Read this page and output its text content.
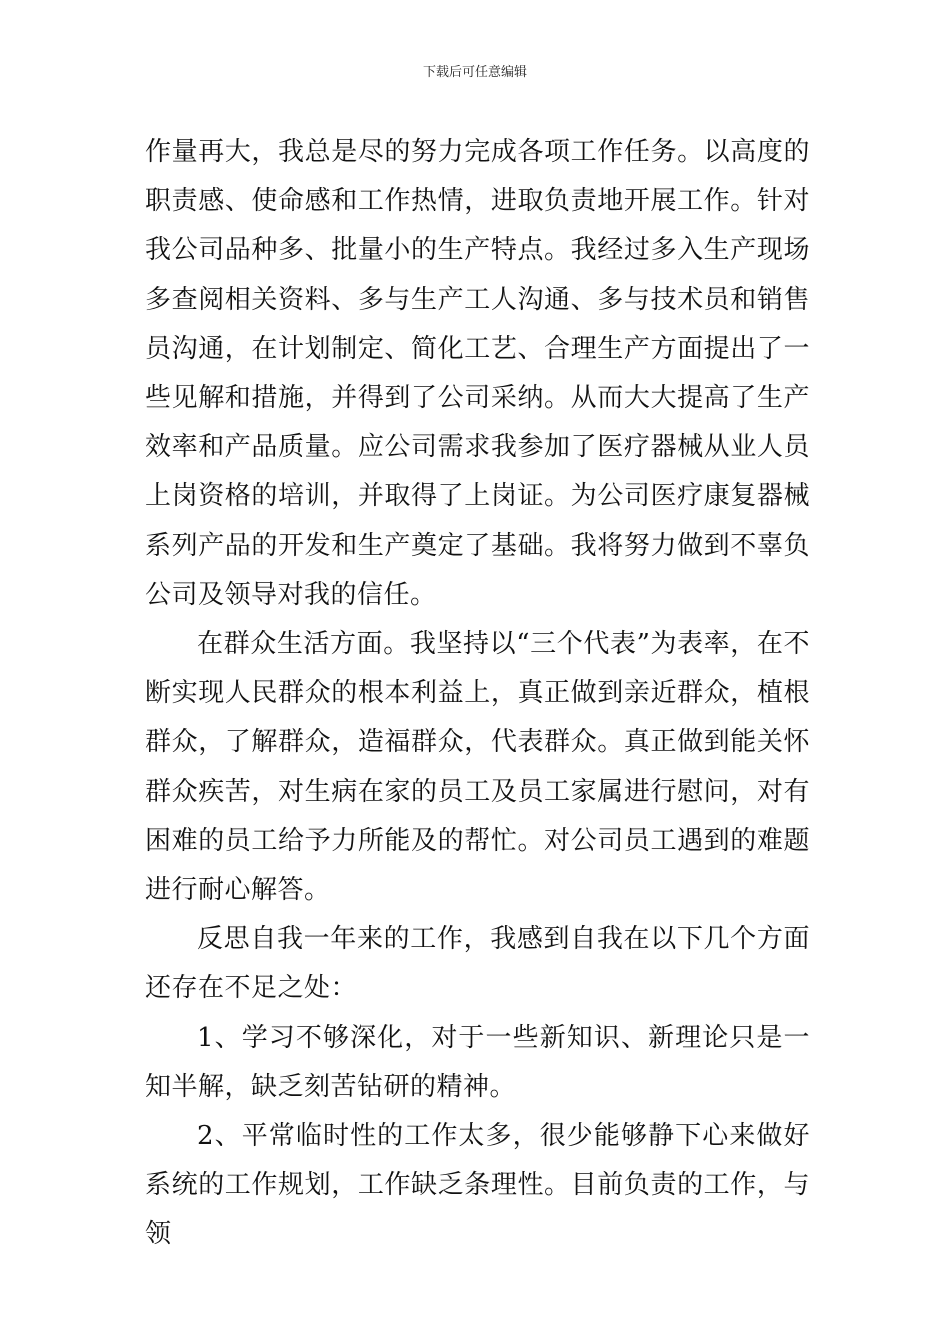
下载后可任意编辑

作量再大，我总是尽的努力完成各项工作任务。以高度的职责感、使命感和工作热情，进取负责地开展工作。针对我公司品种多、批量小的生产特点。我经过多入生产现场多查阅相关资料、多与生产工人沟通、多与技术员和销售员沟通，在计划制定、简化工艺、合理生产方面提出了一些见解和措施，并得到了公司采纳。从而大大提高了生产效率和产品质量。应公司需求我参加了医疗器械从业人员上岗资格的培训，并取得了上岗证。为公司医疗康复器械系列产品的开发和生产奠定了基础。我将努力做到不辜负公司及领导对我的信任。

在群众生活方面。我坚持以“三个代表”为表率，在不断实现人民群众的根本利益上，真正做到亲近群众，植根群众，了解群众，造福群众，代表群众。真正做到能关怀群众疾苦，对生病在家的员工及员工家属进行慰问，对有困难的员工给予力所能及的帮忙。对公司员工遇到的难题进行耐心解答。

反思自我一年来的工作，我感到自我在以下几个方面还存在不足之处：

1、学习不够深化，对于一些新知识、新理论只是一知半解，缺乏刻苦钻研的精神。

2、平常临时性的工作太多，很少能够静下心来做好系统的工作规划，工作缺乏条理性。目前负责的工作，与领
